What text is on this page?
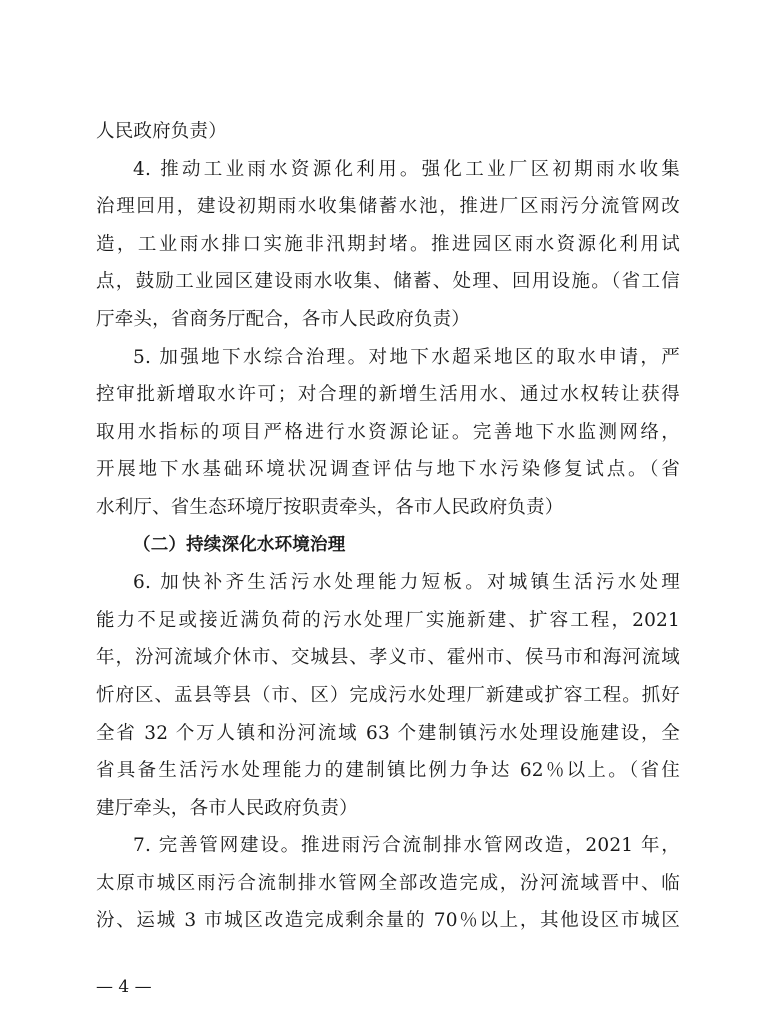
人民政府负责）
4. 推动工业雨水资源化利用。强化工业厂区初期雨水收集
治理回用，建设初期雨水收集储蓄水池，推进厂区雨污分流管网改
造，工业雨水排口实施非汛期封堵。推进园区雨水资源化利用试
点，鼓励工业园区建设雨水收集、储蓄、处理、回用设施。（省工信
厅牵头，省商务厅配合，各市人民政府负责）
5. 加强地下水综合治理。对地下水超采地区的取水申请，严
控审批新增取水许可；对合理的新增生活用水、通过水权转让获得
取用水指标的项目严格进行水资源论证。完善地下水监测网络，
开展地下水基础环境状况调查评估与地下水污染修复试点。（省
水利厅、省生态环境厅按职责牵头，各市人民政府负责）
（二）持续深化水环境治理
6. 加快补齐生活污水处理能力短板。对城镇生活污水处理
能力不足或接近满负荷的污水处理厂实施新建、扩容工程，2021
年，汾河流域介休市、交城县、孝义市、霍州市、侯马市和海河流域
忻府区、盂县等县（市、区）完成污水处理厂新建或扩容工程。抓好
全省 32 个万人镇和汾河流域 63 个建制镇污水处理设施建设，全
省具备生活污水处理能力的建制镇比例力争达 62％以上。（省住
建厅牵头，各市人民政府负责）
7. 完善管网建设。推进雨污合流制排水管网改造，2021 年，
太原市城区雨污合流制排水管网全部改造完成，汾河流域晋中、临
汾、运城 3 市城区改造完成剩余量的 70％以上，其他设区市城区
— 4 —
